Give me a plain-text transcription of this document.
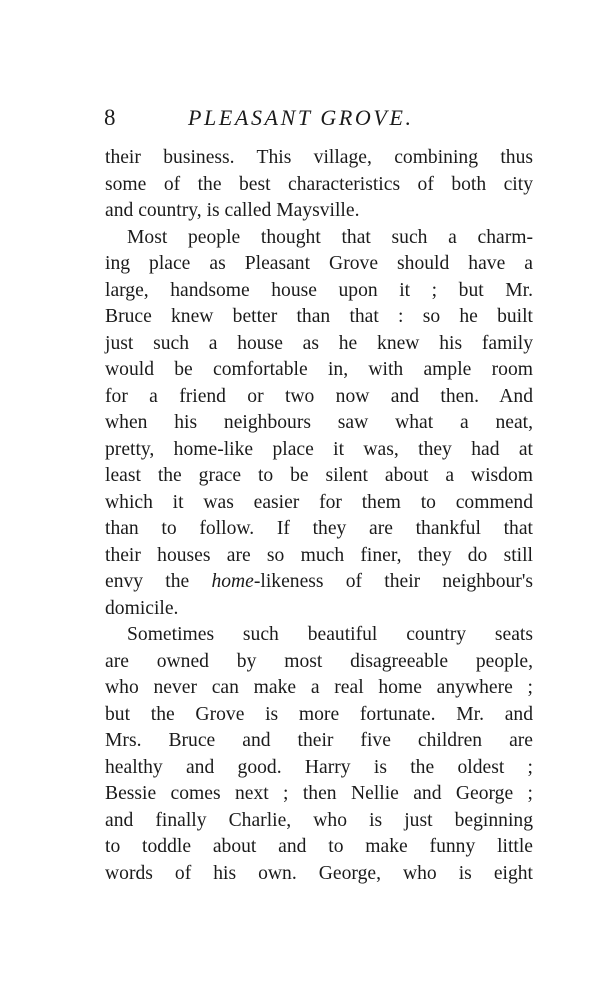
8	PLEASANT GROVE.
their business. This village, combining thus
some of the best characteristics of both city
and country, is called Maysville.
Most people thought that such a charm-
ing place as Pleasant Grove should have a
large, handsome house upon it ; but Mr.
Bruce knew better than that : so he built
just such a house as he knew his family
would be comfortable in, with ample room
for a friend or two now and then. And
when his neighbours saw what a neat,
pretty, home-like place it was, they had at
least the grace to be silent about a wisdom
which it was easier for them to commend
than to follow. If they are thankful that
their houses are so much finer, they do still
envy the home-likeness of their neighbour's
domicile.
Sometimes such beautiful country seats
are owned by most disagreeable people,
who never can make a real home anywhere ;
but the Grove is more fortunate. Mr. and
Mrs. Bruce and their five children are
healthy and good. Harry is the oldest ;
Bessie comes next ; then Nellie and George ;
and finally Charlie, who is just beginning
to toddle about and to make funny little
words of his own. George, who is eight
